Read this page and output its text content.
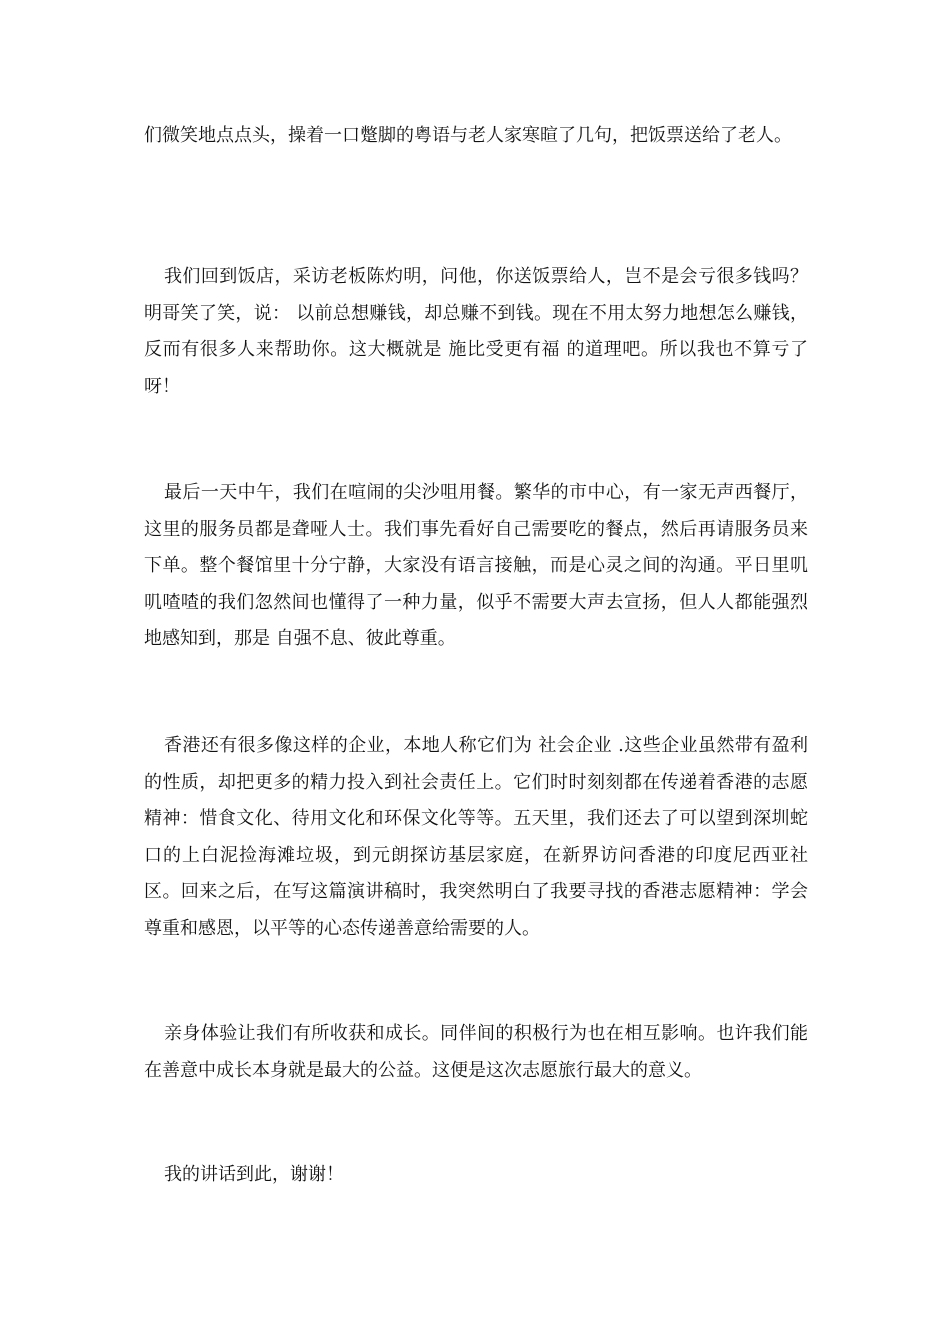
们微笑地点点头，操着一口蹩脚的粤语与老人家寒暄了几句，把饭票送给了老人。

我们回到饭店，采访老板陈灼明，问他，你送饭票给人，岂不是会亏很多钱吗？明哥笑了笑，说： 以前总想赚钱，却总赚不到钱。现在不用太努力地想怎么赚钱，反而有很多人来帮助你。这大概就是 施比受更有福 的道理吧。所以我也不算亏了呀！

最后一天中午，我们在喧闹的尖沙咀用餐。繁华的市中心，有一家无声西餐厅，这里的服务员都是聋哑人士。我们事先看好自己需要吃的餐点，然后再请服务员来下单。整个餐馆里十分宁静，大家没有语言接触，而是心灵之间的沟通。平日里叽叽喳喳的我们忽然间也懂得了一种力量，似乎不需要大声去宣扬，但人人都能强烈地感知到，那是 自强不息、彼此尊重。

香港还有很多像这样的企业，本地人称它们为 社会企业 .这些企业虽然带有盈利的性质，却把更多的精力投入到社会责任上。它们时时刻刻都在传递着香港的志愿精神：惜食文化、待用文化和环保文化等等。五天里，我们还去了可以望到深圳蛇口的上白泥捡海滩垃圾，到元朗探访基层家庭，在新界访问香港的印度尼西亚社区。回来之后，在写这篇演讲稿时，我突然明白了我要寻找的香港志愿精神：学会尊重和感恩，以平等的心态传递善意给需要的人。

亲身体验让我们有所收获和成长。同伴间的积极行为也在相互影响。也许我们能在善意中成长本身就是最大的公益。这便是这次志愿旅行最大的意义。

我的讲话到此，谢谢！
